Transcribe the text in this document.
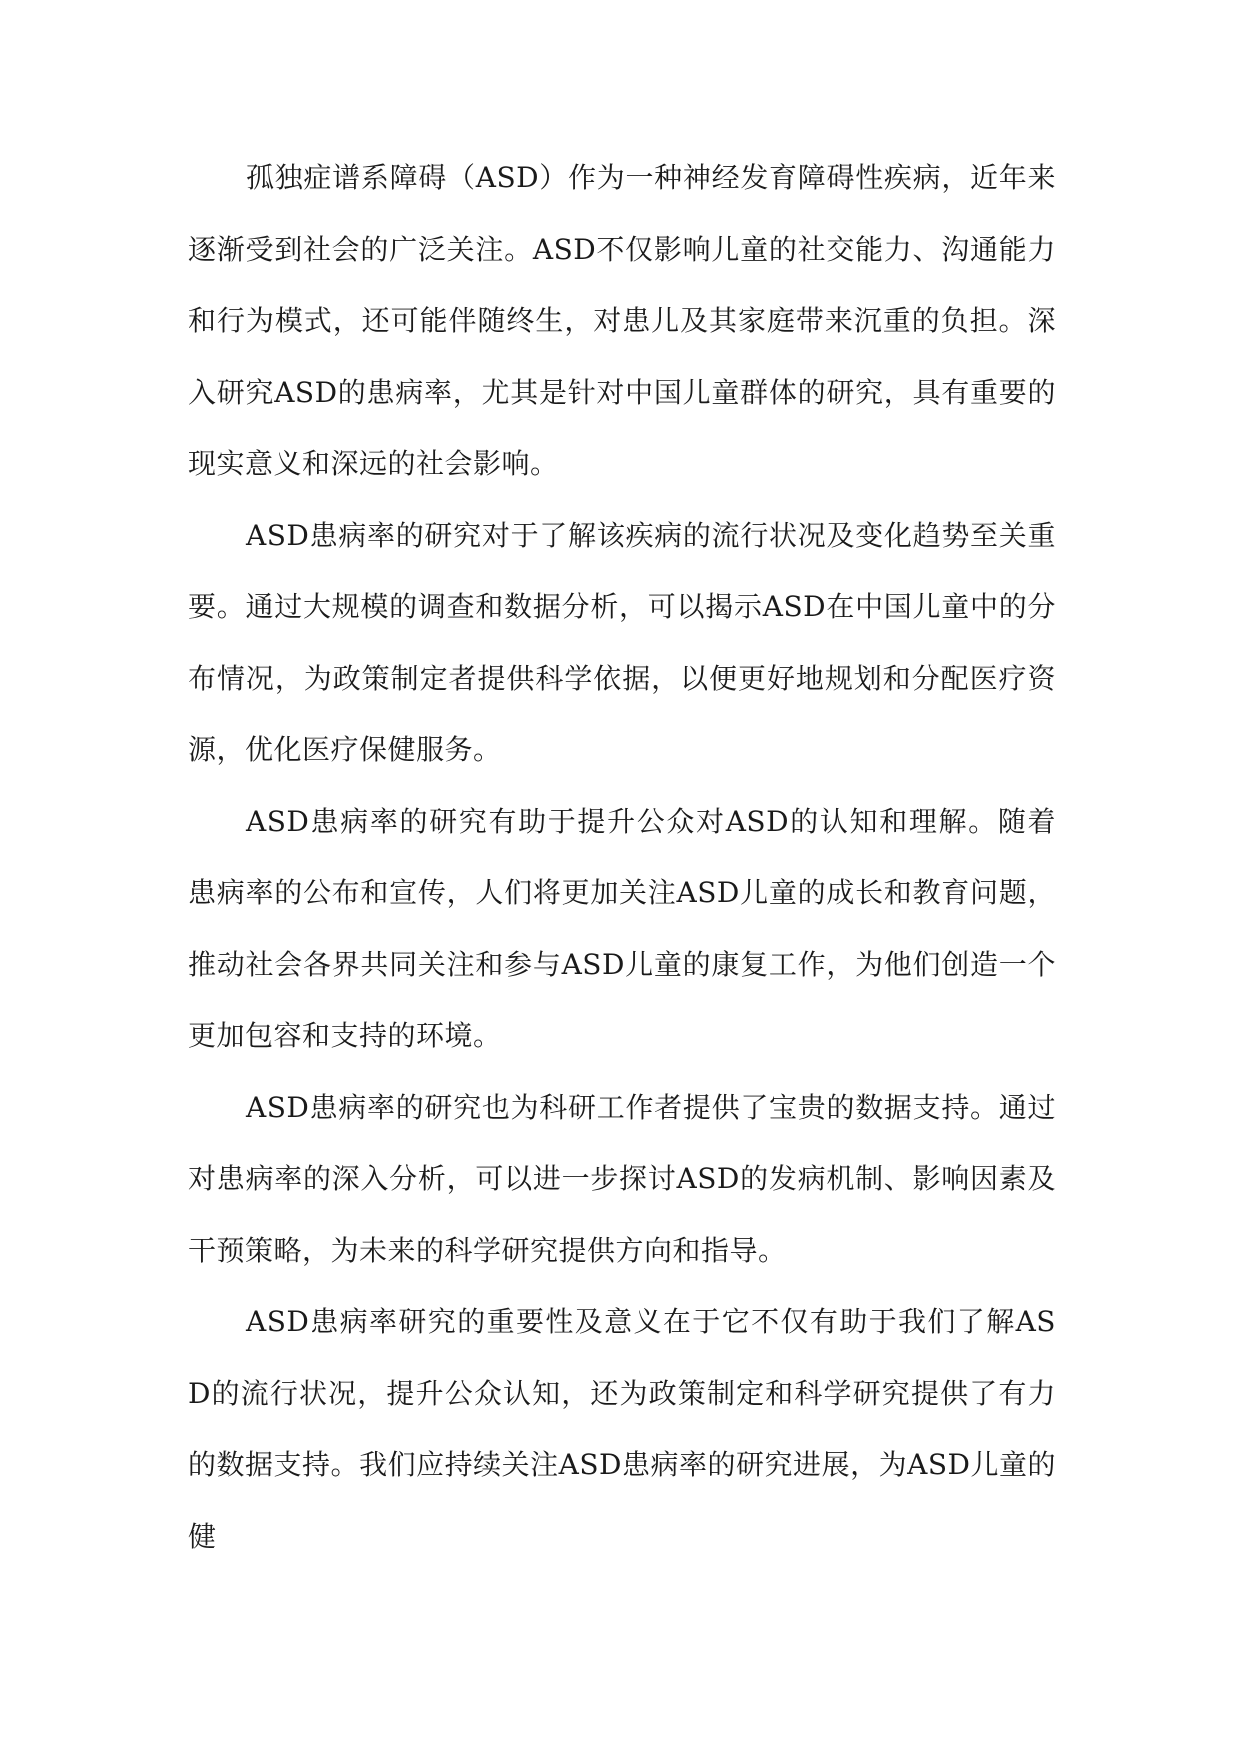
孤独症谱系障碍（ASD）作为一种神经发育障碍性疾病，近年来逐渐受到社会的广泛关注。ASD不仅影响儿童的社交能力、沟通能力和行为模式，还可能伴随终生，对患儿及其家庭带来沉重的负担。深入研究ASD的患病率，尤其是针对中国儿童群体的研究，具有重要的现实意义和深远的社会影响。

ASD患病率的研究对于了解该疾病的流行状况及变化趋势至关重要。通过大规模的调查和数据分析，可以揭示ASD在中国儿童中的分布情况，为政策制定者提供科学依据，以便更好地规划和分配医疗资源，优化医疗保健服务。

ASD患病率的研究有助于提升公众对ASD的认知和理解。随着患病率的公布和宣传，人们将更加关注ASD儿童的成长和教育问题，推动社会各界共同关注和参与ASD儿童的康复工作，为他们创造一个更加包容和支持的环境。

ASD患病率的研究也为科研工作者提供了宝贵的数据支持。通过对患病率的深入分析，可以进一步探讨ASD的发病机制、影响因素及干预策略，为未来的科学研究提供方向和指导。

ASD患病率研究的重要性及意义在于它不仅有助于我们了解ASD的流行状况，提升公众认知，还为政策制定和科学研究提供了有力的数据支持。我们应持续关注ASD患病率的研究进展，为ASD儿童的健
